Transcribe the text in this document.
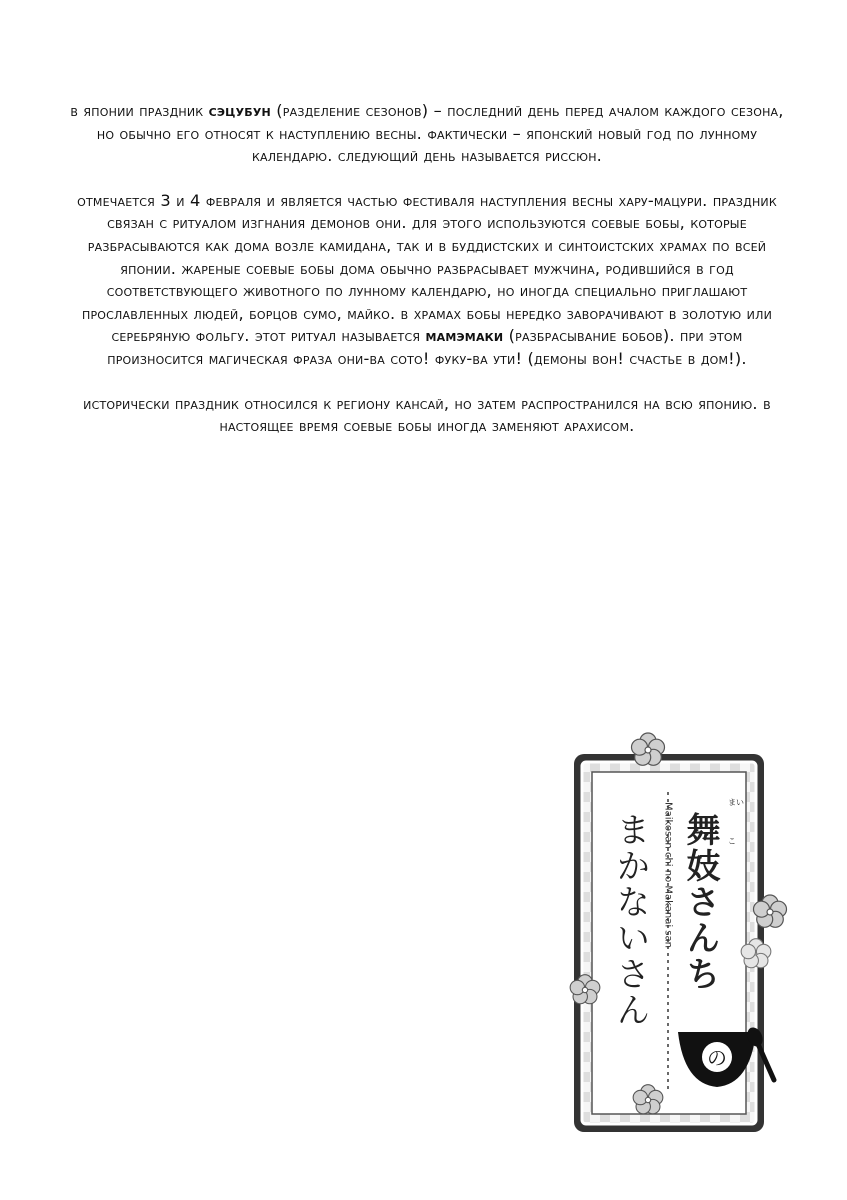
в японии праздник сэцубун (разделение сезонов) – последний день перед ачалом каждого сезона, но обычно его относят к наступлению весны. фактически – японский новый год по лунному календарю. следующий день называется риссюн.

отмечается 3 и 4 февраля и является частью фестиваля наступления весны хару-мацури. праздник связан с ритуалом изгнания демонов они. для этого используются соевые бобы, которые разбрасываются как дома возле камидана, так и в буддистских и синтоистских храмах по всей японии. жареные соевые бобы дома обычно разбрасывает мужчина, родившийся в год соответствующего животного по лунному календарю, но иногда специально приглашают прославленных людей, борцов сумо, майко. в храмах бобы нередко заворачивают в золотую или серебряную фольгу. этот ритуал называется мамэмаки (разбрасывание бобов). при этом произносится магическая фраза они-ва сото! фуку-ва ути! (демоны вон! счастье в дом!).

исторически праздник относился к региону кансай, но затем распространился на всю японию. в настоящее время соевые бобы иногда заменяют арахисом.

舞妓さんち
まかないさん
の
まい
こ
Maikosan chi no Makanai san
